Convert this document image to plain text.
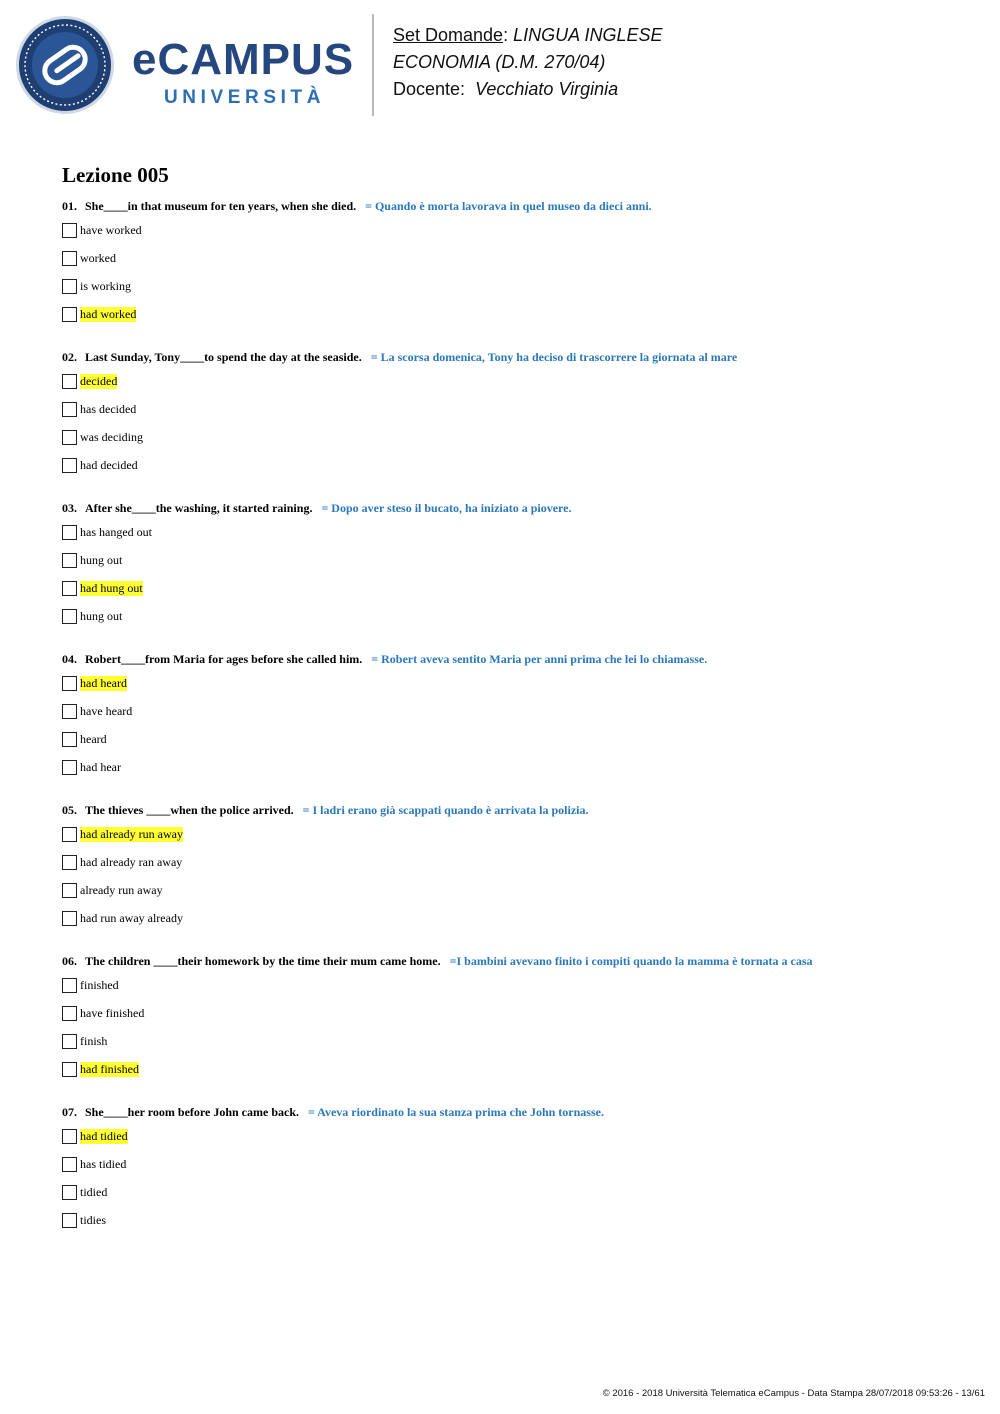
eCAMPUS
UNIVERSITÀ
Set Domande: LINGUA INGLESE
ECONOMIA (D.M. 270/04)
Docente: Vecchiato Virginia
Lezione 005
01. She____in that museum for ten years, when she died. = Quando è morta lavorava in quel museo da dieci anni.
have worked
worked
is working
had worked
02. Last Sunday, Tony____to spend the day at the seaside. = La scorsa domenica, Tony ha deciso di trascorrere la giornata al mare
decided
has decided
was deciding
had decided
03. After she____the washing, it started raining. = Dopo aver steso il bucato, ha iniziato a piovere.
has hanged out
hung out
had hung out
hung out
04. Robert____from Maria for ages before she called him. = Robert aveva sentito Maria per anni prima che lei lo chiamasse.
had heard
have heard
heard
had hear
05. The thieves ____when the police arrived. = I ladri erano già scappati quando è arrivata la polizia.
had already run away
had already ran away
already run away
had run away already
06. The children ____their homework by the time their mum came home. =I bambini avevano finito i compiti quando la mamma è tornata a casa
finished
have finished
finish
had finished
07. She____her room before John came back. = Aveva riordinato la sua stanza prima che John tornasse.
had tidied
has tidied
tidied
tidies
© 2016 - 2018 Università Telematica eCampus - Data Stampa 28/07/2018 09:53:26 - 13/61
